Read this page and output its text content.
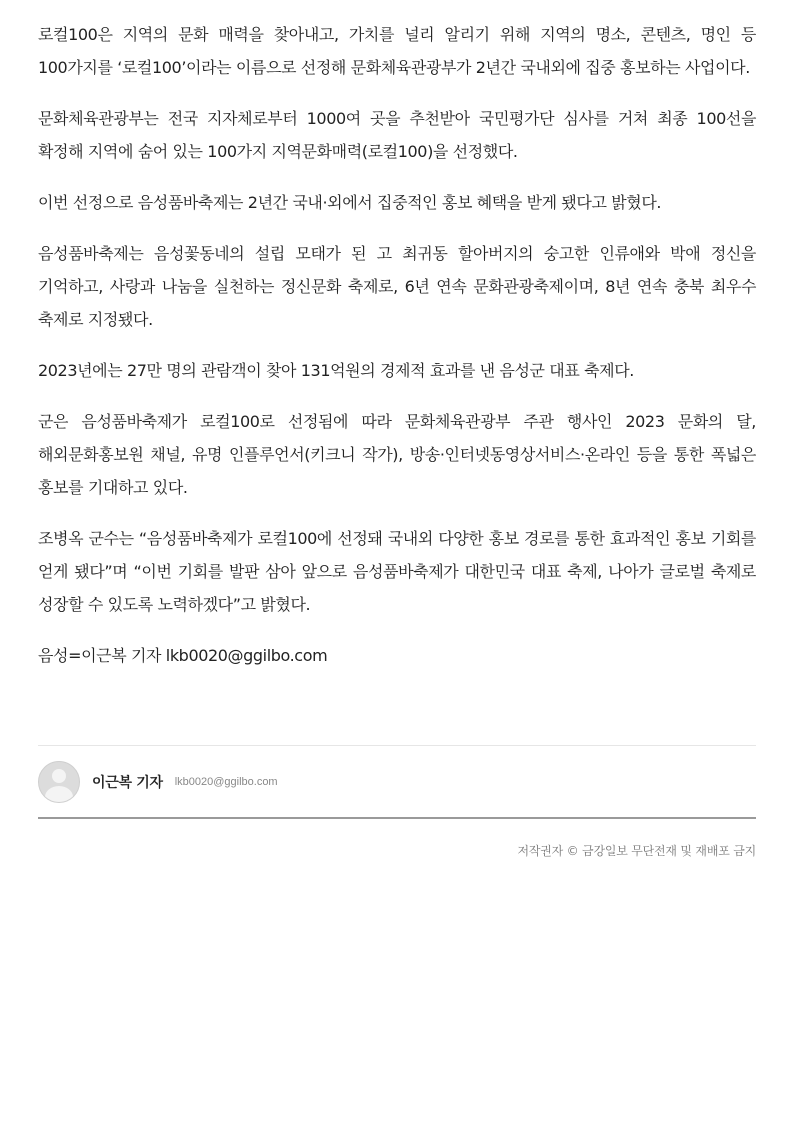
로컬100은 지역의 문화 매력을 찾아내고, 가치를 널리 알리기 위해 지역의 명소, 콘텐츠, 명인 등 100가지를 ‘로컬100’이라는 이름으로 선정해 문화체육관광부가 2년간 국내외에 집중 홍보하는 사업이다.

문화체육관광부는 전국 지자체로부터 1000여 곳을 추천받아 국민평가단 심사를 거쳐 최종 100선을 확정해 지역에 숨어 있는 100가지 지역문화매력(로컬100)을 선정했다.

이번 선정으로 음성품바축제는 2년간 국내·외에서 집중적인 홍보 혜택을 받게 됐다고 밝혔다.

음성품바축제는 음성꽃동네의 설립 모태가 된 고 최귀동 할아버지의 숭고한 인류애와 박애 정신을 기억하고, 사랑과 나눔을 실천하는 정신문화 축제로, 6년 연속 문화관광축제이며, 8년 연속 충북 최우수 축제로 지정됐다.

2023년에는 27만 명의 관람객이 찾아 131억원의 경제적 효과를 낸 음성군 대표 축제다.

군은 음성품바축제가 로컬100로 선정됨에 따라 문화체육관광부 주관 행사인 2023 문화의 달, 해외문화홍보원 채널, 유명 인플루언서(키크니 작가), 방송·인터넷동영상서비스·온라인 등을 통한 폭넓은 홍보를 기대하고 있다.

조병옥 군수는 “음성품바축제가 로컬100에 선정돼 국내외 다양한 홍보 경로를 통한 효과적인 홍보 기회를 얻게 됐다”며 “이번 기회를 발판 삼아 앞으로 음성품바축제가 대한민국 대표 축제, 나아가 글로벌 축제로 성장할 수 있도록 노력하겠다”고 밝혔다.

음성=이근복 기자 lkb0020@ggilbo.com

이근복 기자 lkb0020@ggilbo.com
저작권자 © 금강일보 무단전재 및 재배포 금지
